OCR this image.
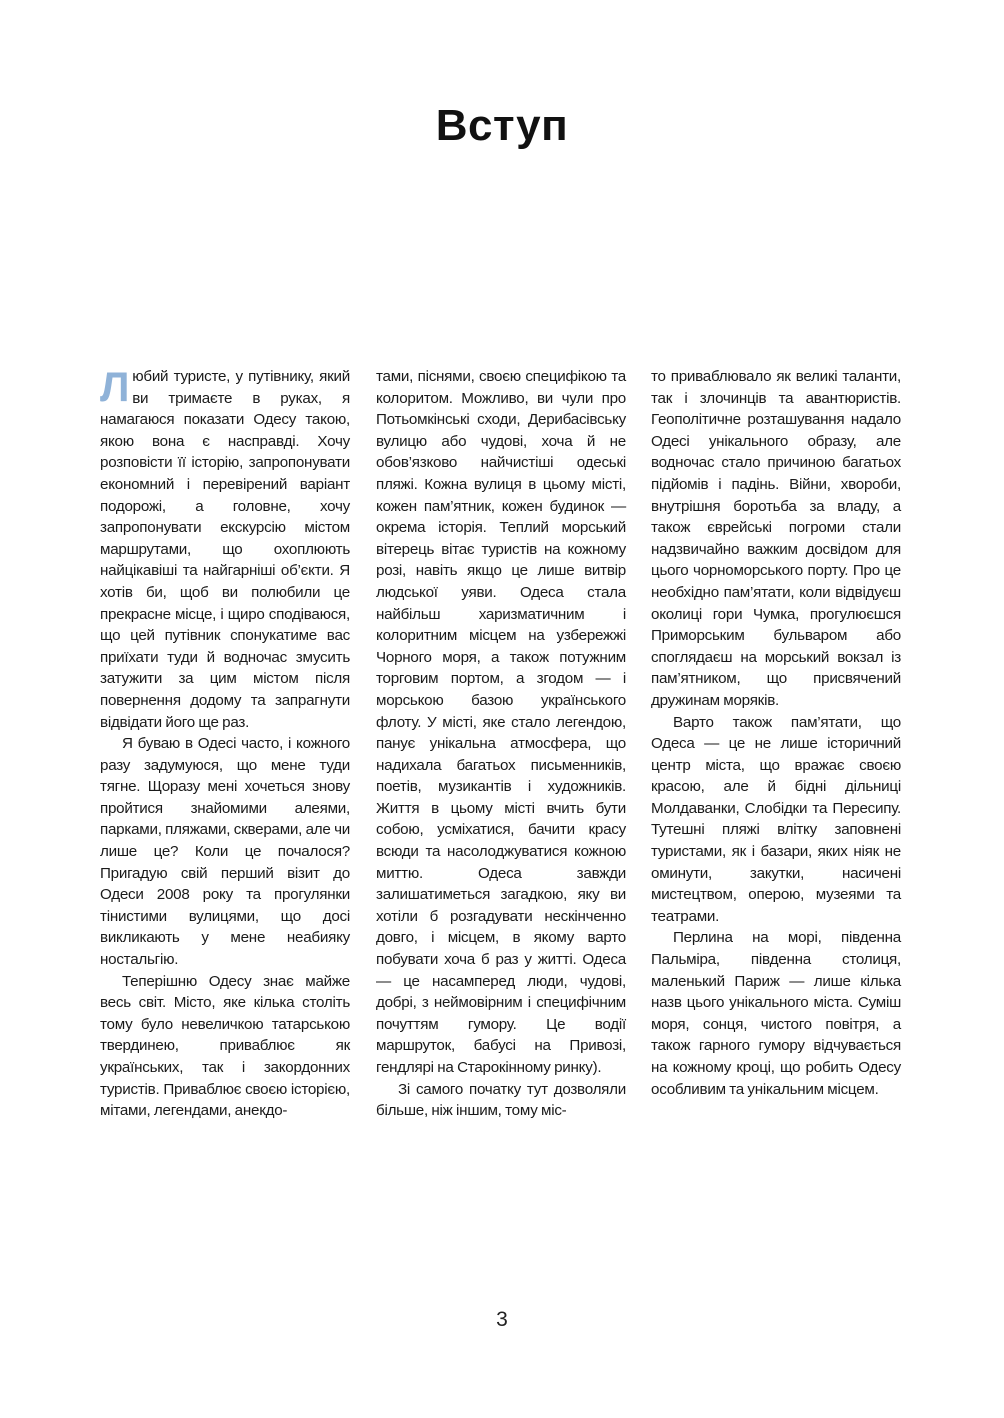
Вступ

Любий туристе, у путівнику, який ви тримаєте в руках, я намагаюся показати Одесу такою, якою вона є насправді. Хочу розповісти її історію, запропонувати економний і перевірений варіант подорожі, а головне, хочу запропонувати екскурсію містом маршрутами, що охоплюють найцікавіші та найгарніші об’єкти. Я хотів би, щоб ви полюбили це прекрасне місце, і щиро сподіваюся, що цей путівник спонукатиме вас приїхати туди й водночас змусить затужити за цим містом після повернення додому та запрагнути відвідати його ще раз.

Я буваю в Одесі часто, і кожного разу задумуюся, що мене туди тягне. Щоразу мені хочеться знову пройтися знайомими алеями, парками, пляжами, скверами, але чи лише це? Коли це почалося? Пригадую свій перший візит до Одеси 2008 року та прогулянки тінистими вулицями, що досі викликають у мене неабияку ностальгію.

Теперішню Одесу знає майже весь світ. Місто, яке кілька століть тому було невеличкою татарською твердинею, приваблює як українських, так і закордонних туристів. Приваблює своєю історією, мітами, легендами, анекдо-

тами, піснями, своєю специфікою та колоритом. Можливо, ви чули про Потьомкінські сходи, Дерибасівську вулицю або чудові, хоча й не обов’язково найчистіші одеські пляжі. Кожна вулиця в цьому місті, кожен пам’ятник, кожен будинок — окрема історія. Теплий морський вітерець вітає туристів на кожному розі, навіть якщо це лише витвір людської уяви. Одеса стала найбільш харизматичним і колоритним місцем на узбережжі Чорного моря, а також потужним торговим портом, а згодом — і морською базою українського флоту. У місті, яке стало легендою, панує унікальна атмосфера, що надихала багатьох письменників, поетів, музикантів і художників. Життя в цьому місті вчить бути собою, усміхатися, бачити красу всюди та насолоджуватися кожною миттю. Одеса завжди залишатиметься загадкою, яку ви хотіли б розгадувати нескінченно довго, і місцем, в якому варто побувати хоча б раз у житті. Одеса — це насамперед люди, чудові, добрі, з неймовірним і специфічним почуттям гумору. Це водії маршруток, бабусі на Привозі, гендлярі на Старокінному ринку).

Зі самого початку тут дозволяли більше, ніж іншим, тому міс-

то приваблювало як великі таланти, так і злочинців та авантюристів. Геополітичне розташування надало Одесі унікального образу, але водночас стало причиною багатьох підйомів і падінь. Війни, хвороби, внутрішня боротьба за владу, а також єврейські погроми стали надзвичайно важким досвідом для цього чорноморського порту. Про це необхідно пам’ятати, коли відвідуєш околиці гори Чумка, прогулюєшся Приморським бульваром або споглядаєш на морський вокзал із пам’ятником, що присвячений дружинам моряків.

Варто також пам’ятати, що Одеса — це не лише історичний центр міста, що вражає своєю красою, але й бідні дільниці Молдаванки, Слобідки та Пересипу. Тутешні пляжі влітку заповнені туристами, як і базари, яких ніяк не оминути, закутки, насичені мистецтвом, оперою, музеями та театрами.

Перлина на морі, південна Пальміра, південна столиця, маленький Париж — лише кілька назв цього унікального міста. Суміш моря, сонця, чистого повітря, а також гарного гумору відчувається на кожному кроці, що робить Одесу особливим та унікальним місцем.

3
